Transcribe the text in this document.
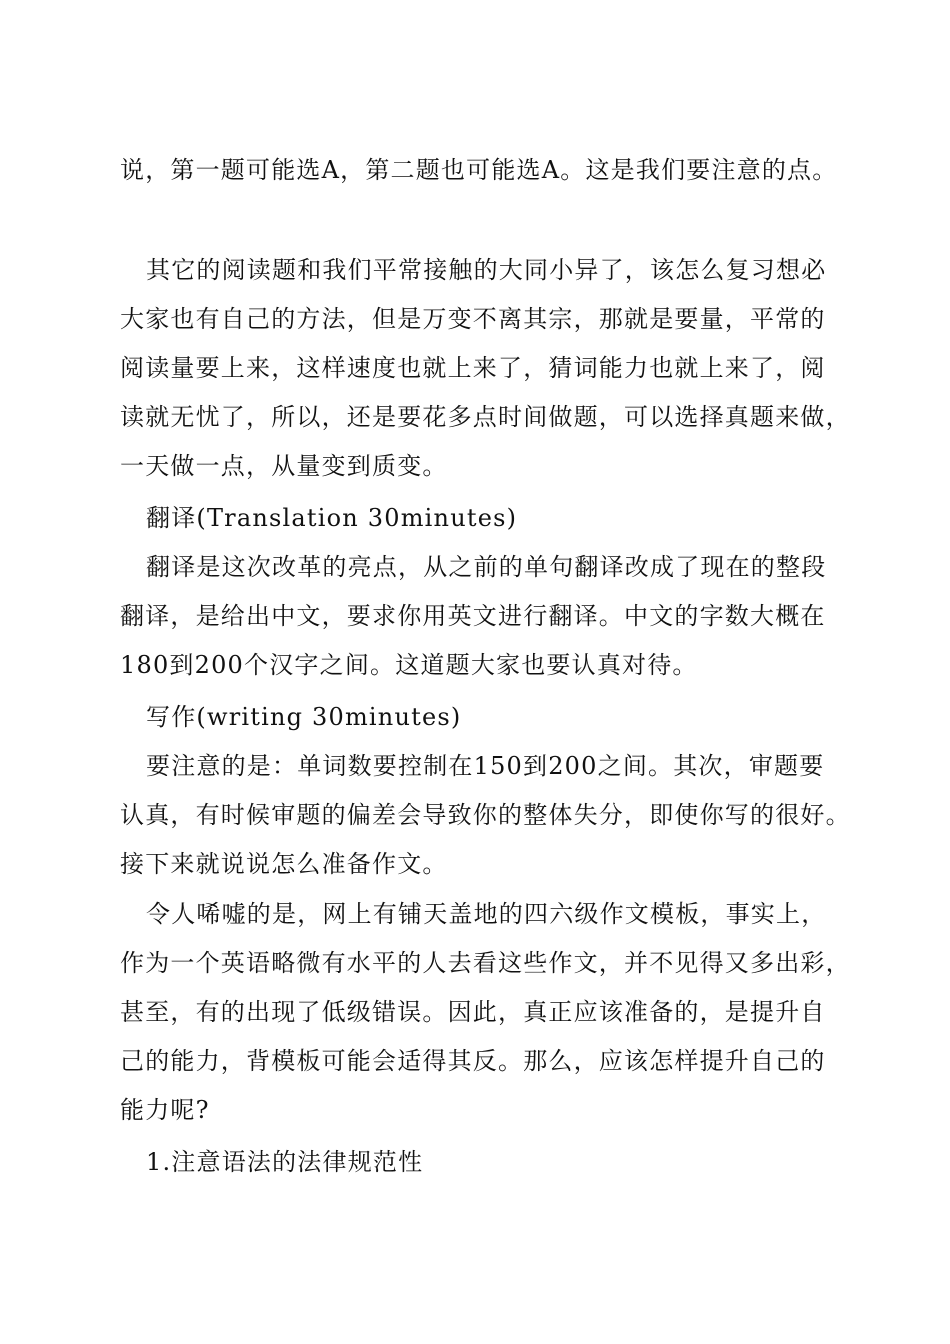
说，第一题可能选A，第二题也可能选A。这是我们要注意的点。
其它的阅读题和我们平常接触的大同小异了，该怎么复习想必
大家也有自己的方法，但是万变不离其宗，那就是要量，平常的
阅读量要上来，这样速度也就上来了，猜词能力也就上来了，阅
读就无忧了，所以，还是要花多点时间做题，可以选择真题来做，
一天做一点，从量变到质变。
翻译(Translation 30minutes)
翻译是这次改革的亮点，从之前的单句翻译改成了现在的整段
翻译，是给出中文，要求你用英文进行翻译。中文的字数大概在
180到200个汉字之间。这道题大家也要认真对待。
写作(writing 30minutes)
要注意的是：单词数要控制在150到200之间。其次，审题要
认真，有时候审题的偏差会导致你的整体失分，即使你写的很好。
接下来就说说怎么准备作文。
令人唏嘘的是，网上有铺天盖地的四六级作文模板，事实上，
作为一个英语略微有水平的人去看这些作文，并不见得又多出彩，
甚至，有的出现了低级错误。因此，真正应该准备的，是提升自
己的能力，背模板可能会适得其反。那么，应该怎样提升自己的
能力呢?
1.注意语法的法律规范性
